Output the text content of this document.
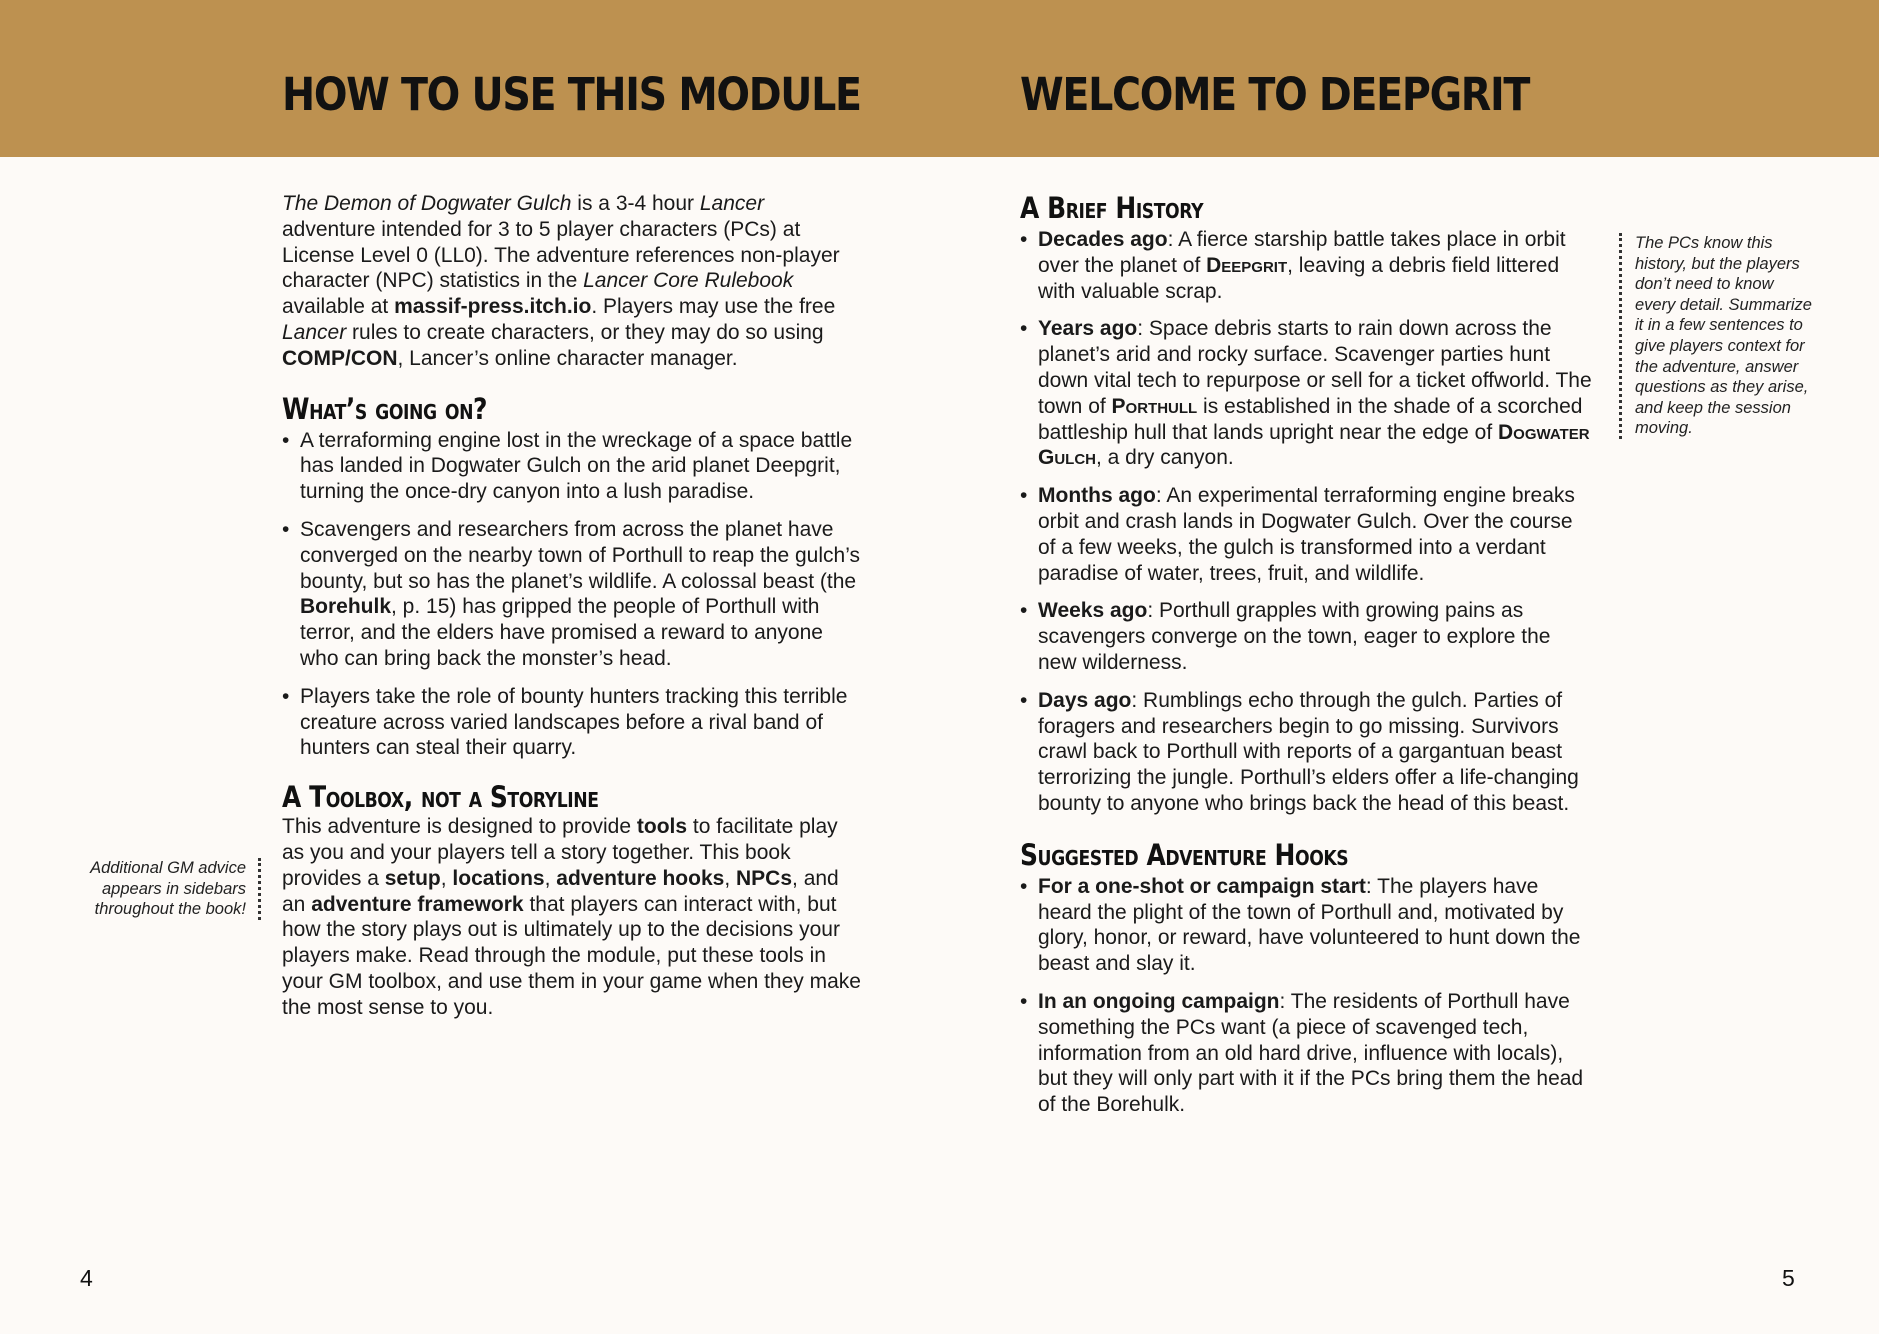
HOW TO USE THIS MODULE	WELCOME TO DEEPGRIT

The Demon of Dogwater Gulch is a 3-4 hour Lancer adventure intended for 3 to 5 player characters (PCs) at License Level 0 (LL0). The adventure references non-player character (NPC) statistics in the Lancer Core Rulebook available at massif-press.itch.io. Players may use the free Lancer rules to create characters, or they may do so using COMP/CON, Lancer’s online character manager.

What’s going on?
• A terraforming engine lost in the wreckage of a space battle has landed in Dogwater Gulch on the arid planet Deepgrit, turning the once-dry canyon into a lush paradise.
• Scavengers and researchers from across the planet have converged on the nearby town of Porthull to reap the gulch’s bounty, but so has the planet’s wildlife. A colossal beast (the Borehulk, p. 15) has gripped the people of Porthull with terror, and the elders have promised a reward to anyone who can bring back the monster’s head.
• Players take the role of bounty hunters tracking this terrible creature across varied landscapes before a rival band of hunters can steal their quarry.
A Toolbox, not a Storyline

This adventure is designed to provide tools to facilitate play as you and your players tell a story together. This book provides a setup, locations, adventure hooks, NPCs, and an adventure framework that players can interact with, but how the story plays out is ultimately up to the decisions your players make. Read through the module, put these tools in your GM toolbox, and use them in your game when they make the most sense to you.

Additional GM advice appears in sidebars throughout the book!
A Brief History
• Decades ago: A fierce starship battle takes place in orbit over the planet of Deepgrit, leaving a debris field littered with valuable scrap.
• Years ago: Space debris starts to rain down across the planet’s arid and rocky surface. Scavenger parties hunt down vital tech to repurpose or sell for a ticket offworld. The town of Porthull is established in the shade of a scorched battleship hull that lands upright near the edge of Dogwater Gulch, a dry canyon.
• Months ago: An experimental terraforming engine breaks orbit and crash lands in Dogwater Gulch. Over the course of a few weeks, the gulch is transformed into a verdant paradise of water, trees, fruit, and wildlife.
• Weeks ago: Porthull grapples with growing pains as scavengers converge on the town, eager to explore the new wilderness.
• Days ago: Rumblings echo through the gulch. Parties of foragers and researchers begin to go missing. Survivors crawl back to Porthull with reports of a gargantuan beast terrorizing the jungle. Porthull’s elders offer a life-changing bounty to anyone who brings back the head of this beast.
Suggested Adventure Hooks
• For a one-shot or campaign start: The players have heard the plight of the town of Porthull and, motivated by glory, honor, or reward, have volunteered to hunt down the beast and slay it.
• In an ongoing campaign: The residents of Porthull have something the PCs want (a piece of scavenged tech, information from an old hard drive, influence with locals), but they will only part with it if the PCs bring them the head of the Borehulk.
The PCs know this history, but the players don’t need to know every detail. Summarize it in a few sentences to give players context for the adventure, answer questions as they arise, and keep the session moving.
4	5
